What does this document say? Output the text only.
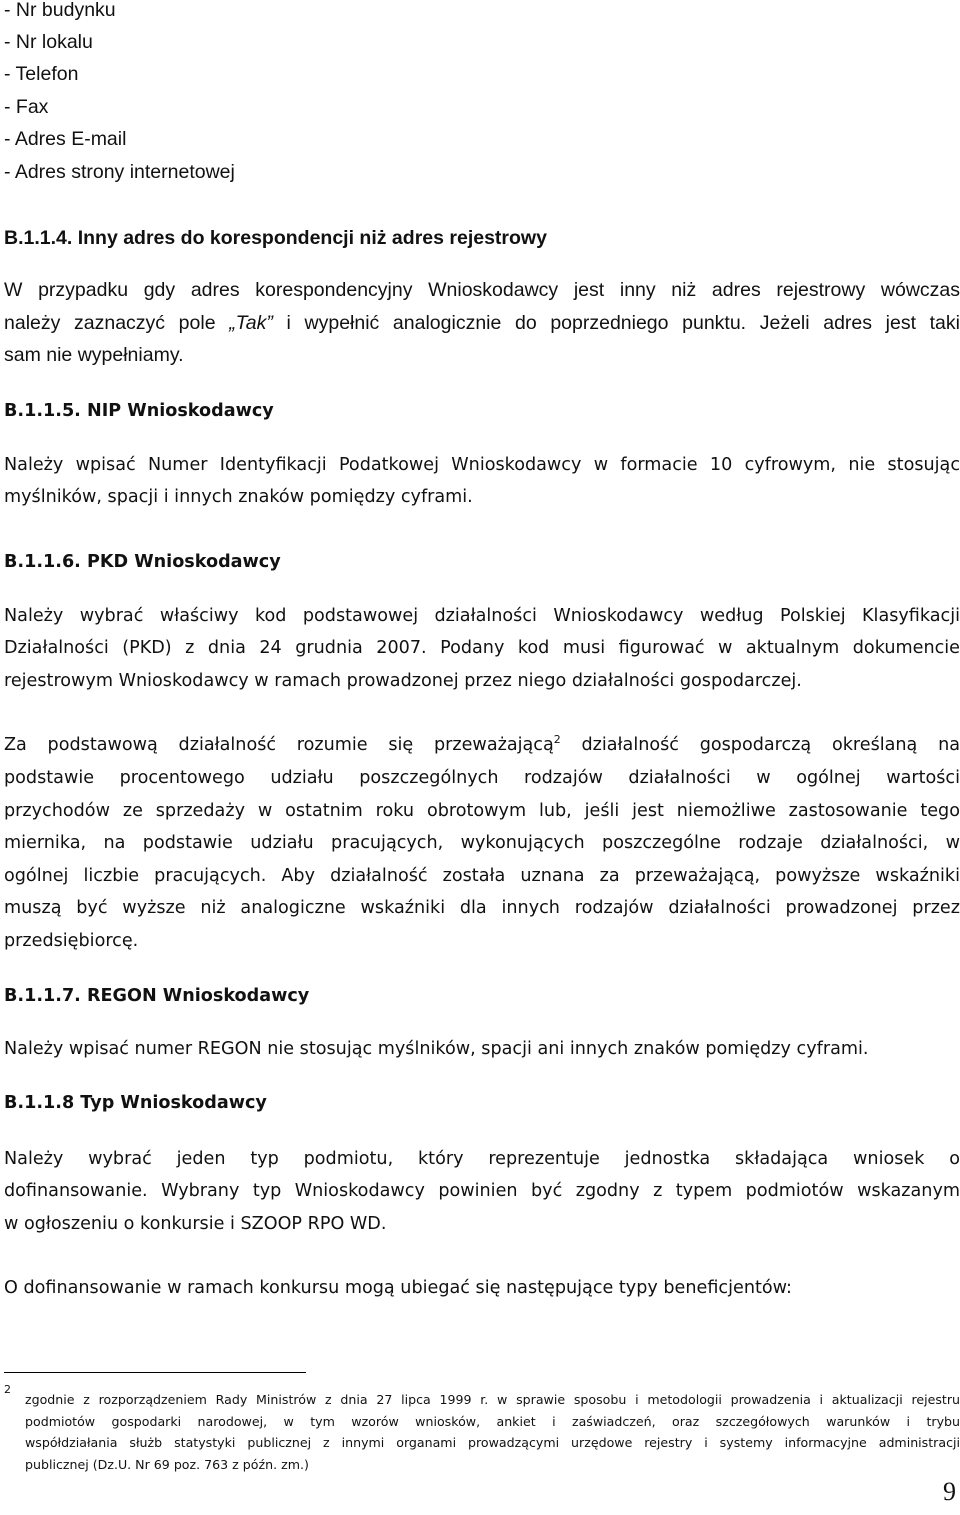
- Nr budynku
- Nr lokalu
- Telefon
- Fax
- Adres E-mail
- Adres strony internetowej
B.1.1.4. Inny adres do korespondencji niż adres rejestrowy
W przypadku gdy adres korespondencyjny Wnioskodawcy jest inny niż adres rejestrowy wówczas
należy zaznaczyć pole „Tak” i wypełnić analogicznie do poprzedniego punktu. Jeżeli adres jest taki
sam nie wypełniamy.
B.1.1.5. NIP Wnioskodawcy
Należy wpisać Numer Identyfikacji Podatkowej Wnioskodawcy w formacie 10 cyfrowym, nie stosując
myślników, spacji i innych znaków pomiędzy cyframi.
B.1.1.6. PKD Wnioskodawcy
Należy wybrać właściwy kod podstawowej działalności Wnioskodawcy według Polskiej Klasyfikacji
Działalności (PKD) z dnia 24 grudnia 2007. Podany kod musi figurować w aktualnym dokumencie
rejestrowym Wnioskodawcy w ramach prowadzonej przez niego działalności gospodarczej.
Za podstawową działalność rozumie się przeważającą$^2$ działalność gospodarczą określaną na
podstawie procentowego udziału poszczególnych rodzajów działalności w ogólnej wartości
przychodów ze sprzedaży w ostatnim roku obrotowym lub, jeśli jest niemożliwe zastosowanie tego
miernika, na podstawie udziału pracujących, wykonujących poszczególne rodzaje działalności, w
ogólnej liczbie pracujących. Aby działalność została uznana za przeważającą, powyższe wskaźniki
muszą być wyższe niż analogiczne wskaźniki dla innych rodzajów działalności prowadzonej przez
przedsiębiorcę.
B.1.1.7. REGON Wnioskodawcy
Należy wpisać numer REGON nie stosując myślników, spacji ani innych znaków pomiędzy cyframi.
B.1.1.8 Typ Wnioskodawcy
Należy wybrać jeden typ podmiotu, który reprezentuje jednostka składająca wniosek o
dofinansowanie. Wybrany typ Wnioskodawcy powinien być zgodny z typem podmiotów wskazanym
w ogłoszeniu o konkursie i SZOOP RPO WD.
O dofinansowanie w ramach konkursu mogą ubiegać się następujące typy beneficjentów:
2
zgodnie z rozporządzeniem Rady Ministrów z dnia 27 lipca 1999 r. w sprawie sposobu i metodologii prowadzenia i aktualizacji rejestru
podmiotów gospodarki narodowej, w tym wzorów wniosków, ankiet i zaświadczeń, oraz szczegółowych warunków i trybu
współdziałania służb statystyki publicznej z innymi organami prowadzącymi urzędowe rejestry i systemy informacyjne administracji
publicznej (Dz.U. Nr 69 poz. 763 z późn. zm.)
9
